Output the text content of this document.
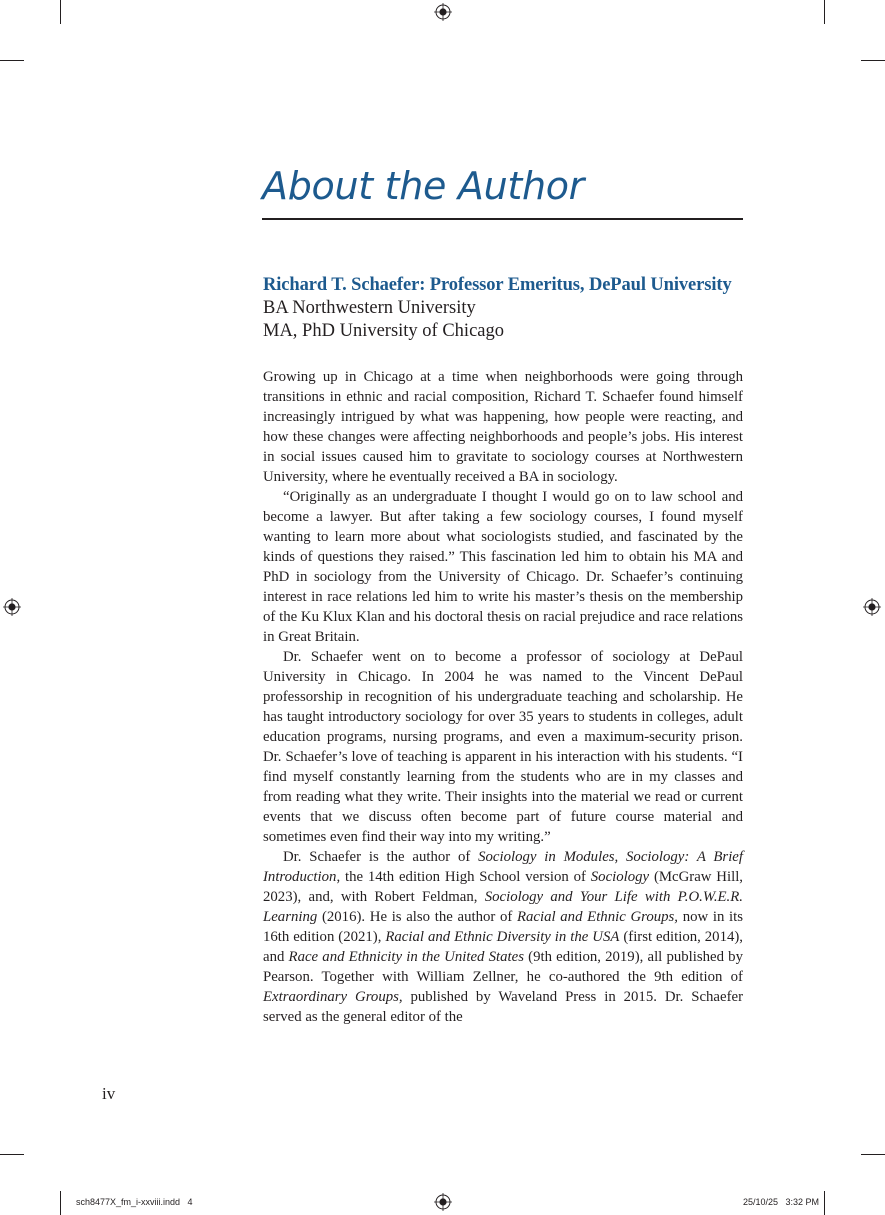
About the Author
Richard T. Schaefer: Professor Emeritus, DePaul University
BA Northwestern University
MA, PhD University of Chicago

Growing up in Chicago at a time when neighborhoods were going through transitions in ethnic and racial composition, Richard T. Schaefer found himself increasingly intrigued by what was happening, how people were reacting, and how these changes were affecting neighborhoods and people’s jobs. His interest in social issues caused him to gravitate to sociology courses at Northwestern University, where he eventually received a BA in sociology.

“Originally as an undergraduate I thought I would go on to law school and become a lawyer. But after taking a few sociology courses, I found myself wanting to learn more about what sociologists studied, and fascinated by the kinds of questions they raised.” This fascination led him to obtain his MA and PhD in sociology from the University of Chicago. Dr. Schaefer’s continuing interest in race relations led him to write his master’s thesis on the membership of the Ku Klux Klan and his doctoral thesis on racial prejudice and race relations in Great Britain.

Dr. Schaefer went on to become a professor of sociology at DePaul University in Chicago. In 2004 he was named to the Vincent DePaul professorship in recognition of his undergraduate teaching and scholarship. He has taught introductory sociology for over 35 years to students in colleges, adult education programs, nursing programs, and even a maximum-security prison. Dr. Schaefer’s love of teaching is apparent in his interaction with his students. “I find myself constantly learning from the students who are in my classes and from reading what they write. Their insights into the material we read or current events that we discuss often become part of future course material and sometimes even find their way into my writing.”

Dr. Schaefer is the author of Sociology in Modules, Sociology: A Brief Introduction, the 14th edition High School version of Sociology (McGraw Hill, 2023), and, with Robert Feldman, Sociology and Your Life with P.O.W.E.R. Learning (2016). He is also the author of Racial and Ethnic Groups, now in its 16th edition (2021), Racial and Ethnic Diversity in the USA (first edition, 2014), and Race and Ethnicity in the United States (9th edition, 2019), all published by Pearson. Together with William Zellner, he co-authored the 9th edition of Extraordinary Groups, published by Waveland Press in 2015. Dr. Schaefer served as the general editor of the

iv
sch8477X_fm_i-xxviii.indd   4	25/10/25   3:32 PM
